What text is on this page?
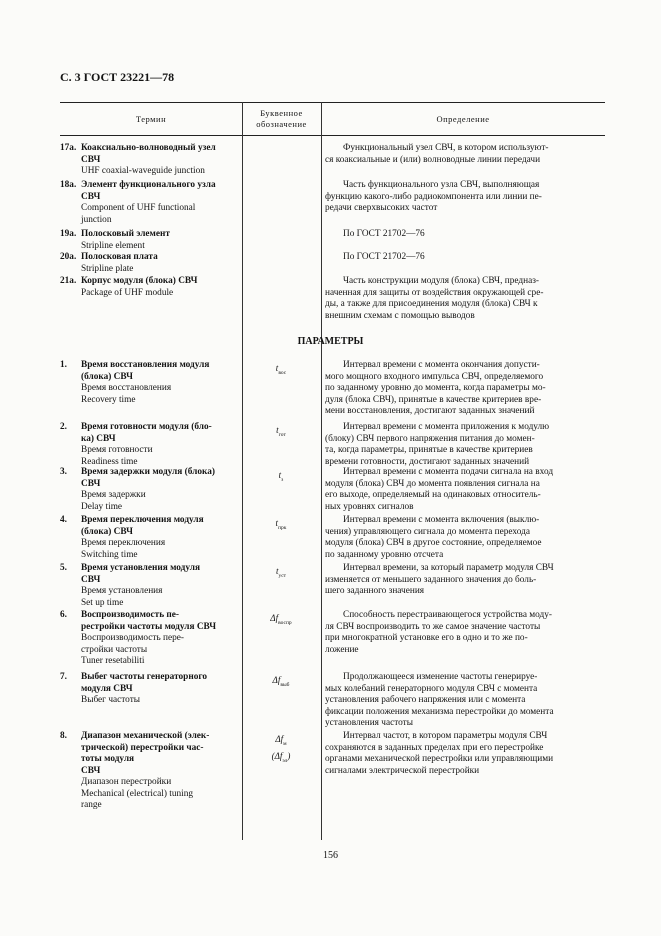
С. 3 ГОСТ 23221—78
Термин
Буквенное
обозначение	Определение
17а. Коаксиально-волноводный узел
СВЧ
UHF coaxial-waveguide junction
Функциональный узел СВЧ, в котором используют-
ся коаксиальные и (или) волноводные линии передачи
18а. Элемент функционального узла
СВЧ
Component of UHF functional
junction
Часть функционального узла СВЧ, выполняющая
функцию какого-либо радиокомпонента или линии пе-
редачи сверхвысоких частот
19а. Полосковый элемент
Stripline element
По ГОСТ 21702—76
20а. Полосковая плата
Stripline plate
По ГОСТ 21702—76
21а. Корпус модуля (блока) СВЧ
Package of UHF module
Часть конструкции модуля (блока) СВЧ, предназ-
наченная для защиты от воздействия окружающей сре-
ды, а также для присоединения модуля (блока) СВЧ к
внешним схемам с помощью выводов
ПАРАМЕТРЫ
1. Время восстановления модуля
(блока) СВЧ
Время восстановления
Recovery time
$t_{вос}$
Интервал времени с момента окончания допусти-
мого мощного входного импульса СВЧ, определяемого
по заданному уровню до момента, когда параметры мо-
дуля (блока СВЧ), принятые в качестве критериев вре-
мени восстановления, достигают заданных значений
2. Время готовности модуля (бло-
ка) СВЧ
Время готовности
Readiness time
$t_{гот}$
Интервал времени с момента приложения к модулю
(блоку) СВЧ первого напряжения питания до момен-
та, когда параметры, принятые в качестве критериев
времени готовности, достигают заданных значений
3. Время задержки модуля (блока)
СВЧ
Время задержки
Delay time
$t_з$
Интервал времени с момента подачи сигнала на вход
модуля (блока) СВЧ до момента появления сигнала на
его выходе, определяемый на одинаковых относитель-
ных уровнях сигналов
4. Время переключения модуля
(блока) СВЧ
Время переключения
Switching time
$t_{прк}$
Интервал времени с момента включения (выклю-
чения) управляющего сигнала до момента перехода
модуля (блока) СВЧ в другое состояние, определяемое
по заданному уровню отсчета
5. Время установления модуля
СВЧ
Время установления
Set up time
$t_{уст}$
Интервал времени, за который параметр модуля СВЧ
изменяется от меньшего заданного значения до боль-
шего заданного значения
6. Воспроизводимость пе-
рестройки частоты модуля СВЧ
Воспроизводимость пере-
стройки частоты
Tuner resetabiliti
$\Delta f_{воспр}$
Способность перестраивающегося устройства моду-
ля СВЧ воспроизводить то же самое значение частоты
при многократной установке его в одно и то же по-
ложение
7. Выбег частоты генераторного
модуля СВЧ
Выбег частоты
$\Delta f_{выб}$
Продолжающееся изменение частоты генерируе-
мых колебаний генераторного модуля СВЧ с момента
установления рабочего напряжения или с момента
фиксации положения механизма перестройки до момента
установления частоты
8. Диапазон механической (элек-
трической) перестройки час-
тоты модуля
СВЧ
Диапазон перестройки
Mechanical (electrical) tuning
range
$\Delta f_м$
$(\Delta f_{эл})$
Интервал частот, в котором параметры модуля СВЧ
сохраняются в заданных пределах при его перестройке
органами механической перестройки или управляющими
сигналами электрической перестройки
156
